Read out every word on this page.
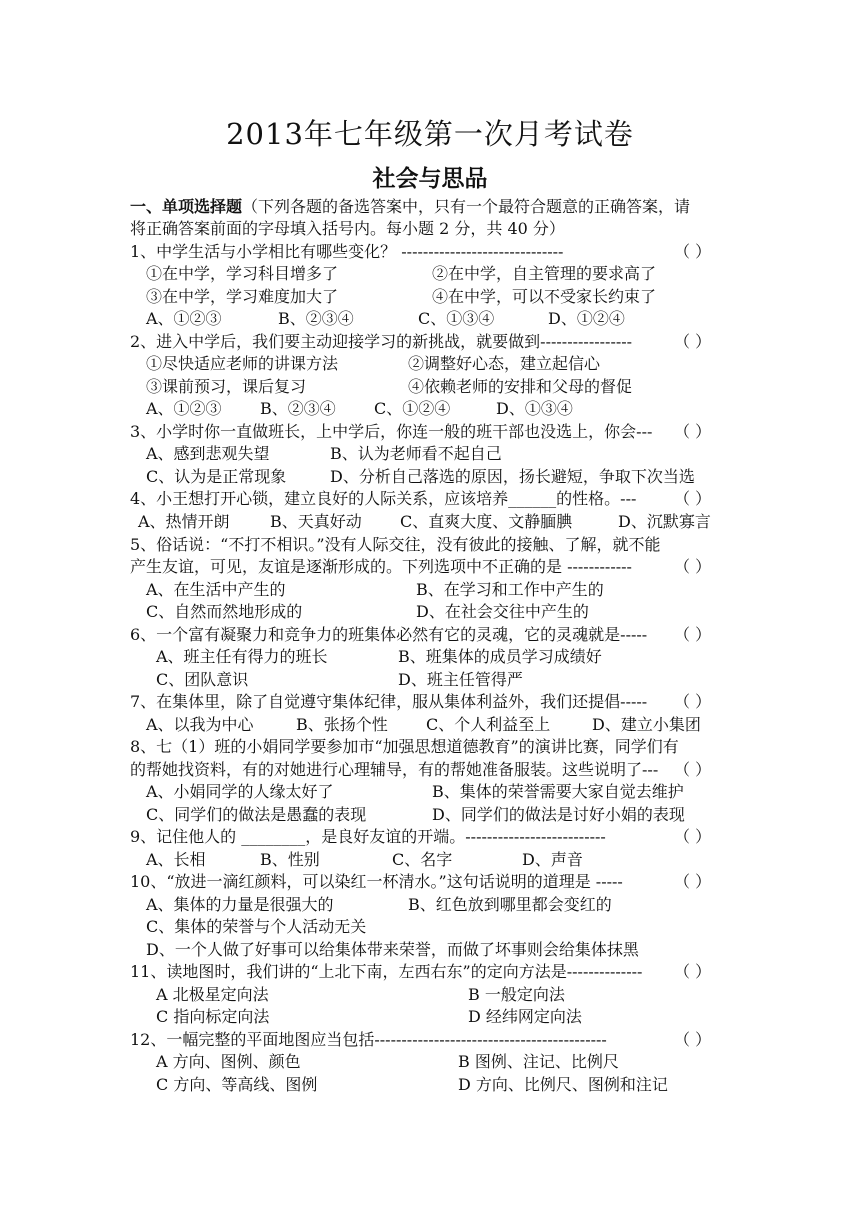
2013年七年级第一次月考试卷
社会与思品
一、单项选择题（下列各题的备选答案中，只有一个最符合题意的正确答案，请
将正确答案前面的字母填入括号内。每小题 2 分，共 40 分）
1、中学生活与小学相比有哪些变化？ ------------------------------	（ ）
①在中学，学习科目增多了	②在中学，自主管理的要求高了
③在中学，学习难度加大了	④在中学，可以不受家长约束了
A、①②③	B、②③④	C、①③④	D、①②④
2、进入中学后，我们要主动迎接学习的新挑战，就要做到-----------------	（ ）
①尽快适应老师的讲课方法	②调整好心态，建立起信心
③课前预习，课后复习	④依赖老师的安排和父母的督促
A、①②③ B、②③④ C、①②④	D、①③④
3、小学时你一直做班长，上中学后，你连一般的班干部也没选上，你会--- （ ）
A、感到悲观失望	B、认为老师看不起自己
C、认为是正常现象	D、分析自己落选的原因，扬长避短，争取下次当选
4、小王想打开心锁，建立良好的人际关系，应该培养______的性格。--- （ ）
A、热情开朗	B、天真好动 C、直爽大度、文静腼腆	D、沉默寡言
5、俗话说：“不打不相识。”没有人际交往，没有彼此的接触、了解，就不能
产生友谊，可见，友谊是逐渐形成的。下列选项中不正确的是 ------------	（ ）
A、在生活中产生的	B、在学习和工作中产生的
C、自然而然地形成的	D、在社会交往中产生的
6、一个富有凝聚力和竞争力的班集体必然有它的灵魂，它的灵魂就是----- （ ）
A、班主任有得力的班长	B、班集体的成员学习成绩好
C、团队意识	D、班主任管得严
7、在集体里，除了自觉遵守集体纪律，服从集体利益外，我们还提倡----- （ ）
A、以我为中心	B、张扬个性 C、个人利益至上	D、建立小集团
8、七（1）班的小娟同学要参加市“加强思想道德教育”的演讲比赛，同学们有
的帮她找资料，有的对她进行心理辅导，有的帮她准备服装。这些说明了--- （ ）
A、小娟同学的人缘太好了	B、集体的荣誉需要大家自觉去维护
C、同学们的做法是愚蠢的表现	D、同学们的做法是讨好小娟的表现
9、记住他人的 ________，是良好友谊的开端。--------------------------	（ ）
A、长相	B、性别	C、名字	D、声音
10、“放进一滴红颜料，可以染红一杯清水。”这句话说明的道理是 -----	（ ）
A、集体的力量是很强大的	B、红色放到哪里都会变红的
C、集体的荣誉与个人活动无关
D、一个人做了好事可以给集体带来荣誉，而做了坏事则会给集体抹黑
11、读地图时，我们讲的“上北下南，左西右东”的定向方法是-------------- （ ）
A 北极星定向法	B 一般定向法
C 指向标定向法	D 经纬网定向法
12、一幅完整的平面地图应当包括-------------------------------------------	（ ）
A 方向、图例、颜色	B 图例、注记、比例尺
C 方向、等高线、图例	D 方向、比例尺、图例和注记
